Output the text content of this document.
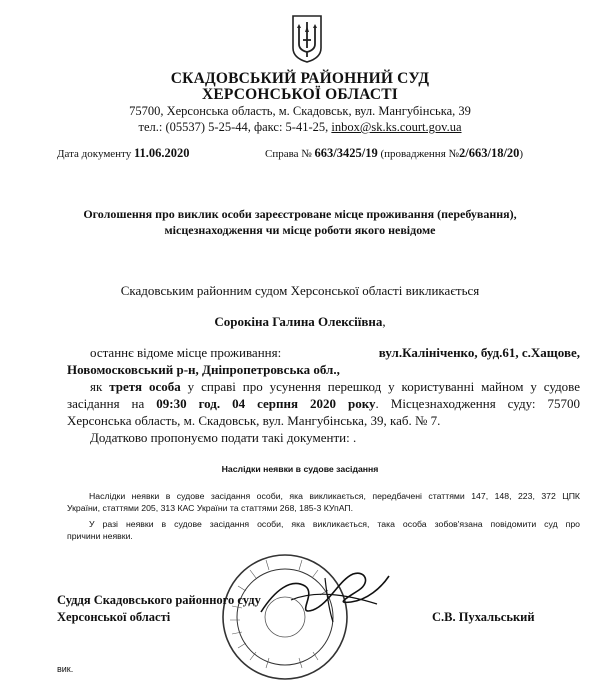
СКАДОВСЬКИЙ РАЙОННИЙ СУД
ХЕРСОНСЬКОЇ ОБЛАСТІ
75700, Херсонська область, м. Скадовськ, вул. Мангубінська, 39
тел.: (05537) 5-25-44, факс: 5-41-25, inbox@sk.ks.court.gov.ua
Дата документу 11.06.2020	Справа № 663/3425/19 (провадження №2/663/18/20)
Оголошення про виклик особи зареєстроване місце проживання (перебування),
місцезнаходження чи місце роботи якого невідоме
Скадовським районним судом Херсонської області викликається
Сорокіна Галина Олексіївна,
останнє відоме місце проживання:	вул.Калініченко, буд.61, с.Хащове,
Новомосковський р-н, Дніпропетровська обл.,
як третя особа у справі про усунення перешкод у користуванні майном у судове
засідання на 09:30 год. 04 серпня 2020 року. Місцезнаходження суду: 75700
Херсонська область, м. Скадовськ, вул. Мангубінська, 39, каб. № 7.
Додатково пропонуємо подати такі документи: .
Наслідки неявки в судове засідання
Наслідки неявки в судове засідання особи, яка викликається, передбачені статтями 147, 148, 223, 372 ЦПК
України, статтями 205, 313 КАС України та статтями 268, 185-3 КУпАП.
У разі неявки в судове засідання особи, яка викликається, така особа зобов'язана повідомити суд про
причини неявки.
Суддя Скадовського районного суду
Херсонської області	С.В. Пухальський
вик.
